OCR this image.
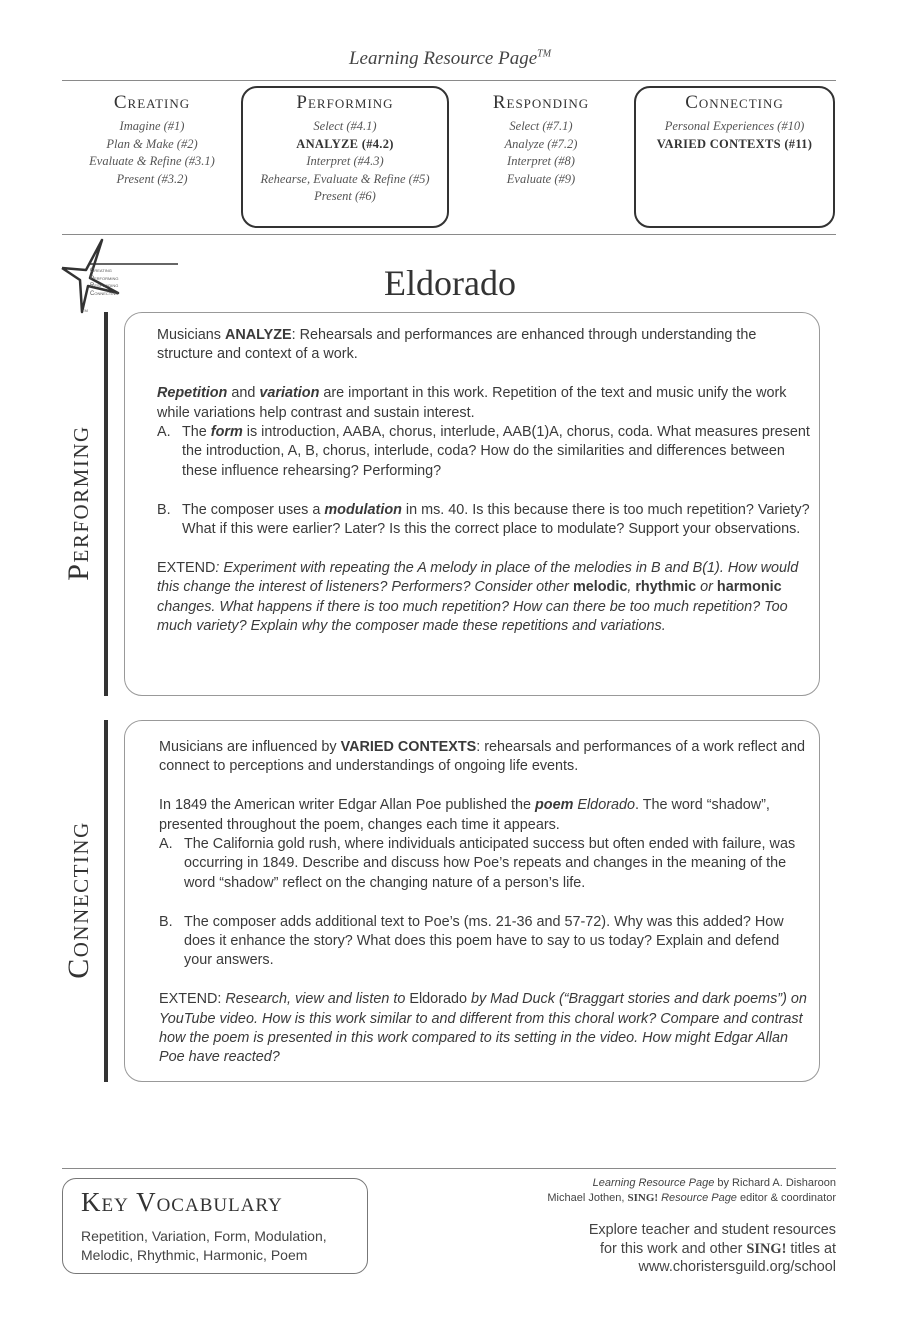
Learning Resource Page™
Creating
Imagine (#1)
Plan & Make (#2)
Evaluate & Refine (#3.1)
Present (#3.2)
Performing
Select (#4.1)
ANALYZE (#4.2)
Interpret (#4.3)
Rehearse, Evaluate & Refine (#5)
Present (#6)
Responding
Select (#7.1)
Analyze (#7.2)
Interpret (#8)
Evaluate (#9)
Connecting
Personal Experiences (#10)
VARIED CONTEXTS (#11)
Creating
Performing
Responding
Connecting
TM
Eldorado
Performing

Musicians ANALYZE: Rehearsals and performances are enhanced through understanding the structure and context of a work.

Repetition and variation are important in this work. Repetition of the text and music unify the work while variations help contrast and sustain interest.

A. The form is introduction, AABA, chorus, interlude, AAB(1)A, chorus, coda. What measures present the introduction, A, B, chorus, interlude, coda? How do the similarities and differences between these influence rehearsing? Performing?
B. The composer uses a modulation in ms. 40. Is this because there is too much repetition? Variety? What if this were earlier? Later? Is this the correct place to modulate? Support your observations.

EXTEND: Experiment with repeating the A melody in place of the melodies in B and B(1). How would this change the interest of listeners? Performers? Consider other melodic, rhythmic or harmonic changes. What happens if there is too much repetition? How can there be too much repetition? Too much variety? Explain why the composer made these repetitions and variations.

Connecting

Musicians are influenced by VARIED CONTEXTS: rehearsals and performances of a work reflect and connect to perceptions and understandings of ongoing life events.

In 1849 the American writer Edgar Allan Poe published the poem Eldorado. The word “shadow”, presented throughout the poem, changes each time it appears.

A. The California gold rush, where individuals anticipated success but often ended with failure, was occurring in 1849. Describe and discuss how Poe’s repeats and changes in the meaning of the word “shadow” reflect on the changing nature of a person’s life.
B. The composer adds additional text to Poe’s (ms. 21-36 and 57-72). Why was this added? How does it enhance the story? What does this poem have to say to us today? Explain and defend your answers.

EXTEND: Research, view and listen to Eldorado by Mad Duck (“Braggart stories and dark poems”) on YouTube video. How is this work similar to and different from this choral work? Compare and contrast how the poem is presented in this work compared to its setting in the video. How might Edgar Allan Poe have reacted?

Key Vocabulary
Repetition, Variation, Form, Modulation,
Melodic, Rhythmic, Harmonic, Poem
Learning Resource Page by Richard A. Disharoon
Michael Jothen, SING! Resource Page editor & coordinator
Explore teacher and student resources
for this work and other SING! titles at
www.choristersguild.org/school
